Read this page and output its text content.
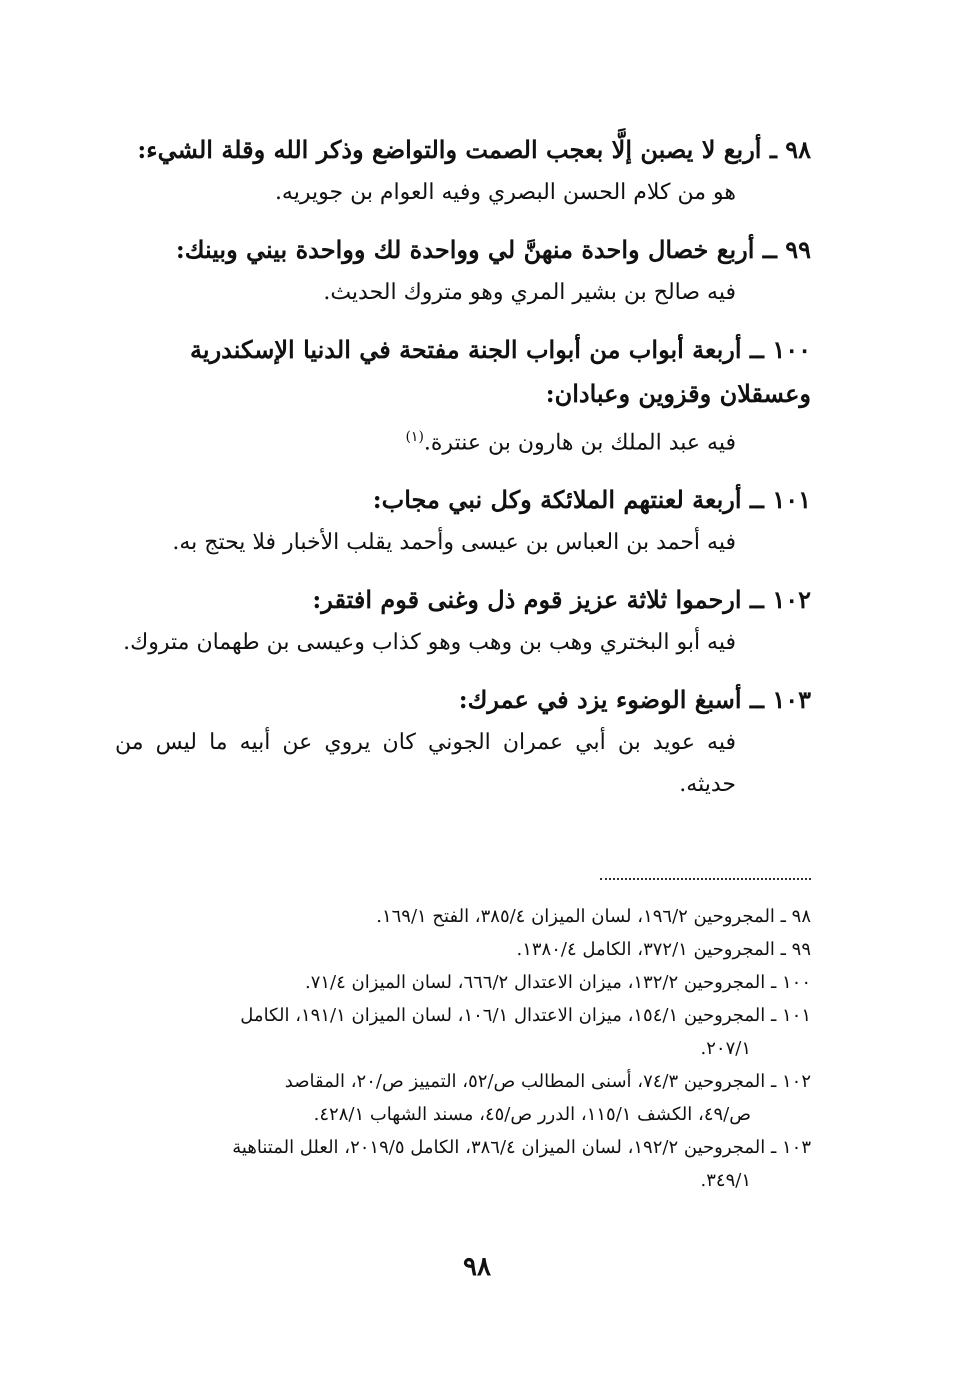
٩٨ ـ أربع لا يصبن إلَّا بعجب الصمت والتواضع وذكر الله وقلة الشيء:
هو من كلام الحسن البصري وفيه العوام بن جويريه.
٩٩ ــ أربع خصال واحدة منهنَّ لي وواحدة لك وواحدة بيني وبينك:
فيه صالح بن بشير المري وهو متروك الحديث.
١٠٠ ــ أربعة أبواب من أبواب الجنة مفتحة في الدنيا الإسكندرية وعسقلان وقزوين وعبادان:
فيه عبد الملك بن هارون بن عنترة.$^{(١)}$
١٠١ ــ أربعة لعنتهم الملائكة وكل نبي مجاب:
فيه أحمد بن العباس بن عيسى وأحمد يقلب الأخبار فلا يحتج به.
١٠٢ ــ ارحموا ثلاثة عزيز قوم ذل وغنى قوم افتقر:
فيه أبو البختري وهب بن وهب وهو كذاب وعيسى بن طهمان متروك.
١٠٣ ــ أسبغ الوضوء يزد في عمرك:
فيه عويد بن أبي عمران الجوني كان يروي عن أبيه ما ليس من حديثه.
٩٨ ـ المجروحين ١٩٦/٢، لسان الميزان ٣٨٥/٤، الفتح ١٦٩/١.
٩٩ ـ المجروحين ٣٧٢/١، الكامل ١٣٨٠/٤.
١٠٠ ـ المجروحين ١٣٢/٢، ميزان الاعتدال ٦٦٦/٢، لسان الميزان ٧١/٤.
١٠١ ـ المجروحين ١٥٤/١، ميزان الاعتدال ١٠٦/١، لسان الميزان ١٩١/١، الكامل
٢٠٧/١.
١٠٢ ـ المجروحين ٧٤/٣، أسنى المطالب ص/٥٢، التمييز ص/٢٠، المقاصد
ص/٤٩، الكشف ١١٥/١، الدرر ص/٤٥، مسند الشهاب ٤٢٨/١.
١٠٣ ـ المجروحين ١٩٢/٢، لسان الميزان ٣٨٦/٤، الكامل ٢٠١٩/٥، العلل المتناهية
٣٤٩/١.
٩٨
